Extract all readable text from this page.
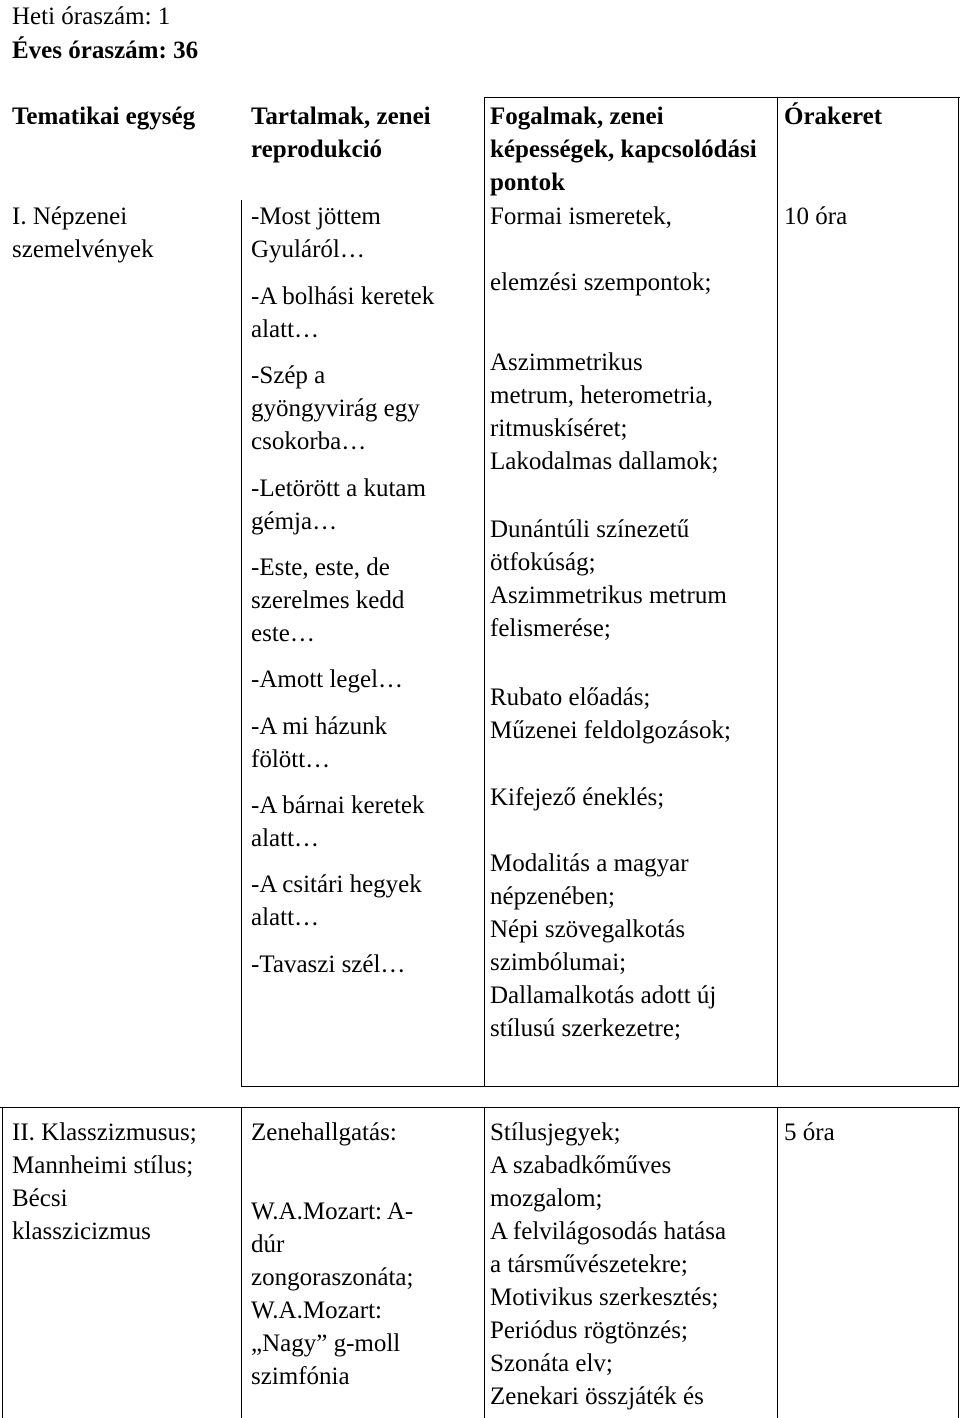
Heti óraszám: 1
Éves óraszám: 36

Tematikai egység	Tartalmak, zenei reprodukció

Fogalmak, zenei képességek, kapcsolódási pontok

Órakeret

I. Népzenei

szemelvények

-Most jöttem

Gyuláról…

-A bolhási keretek

alatt…

-Szép a

gyöngyvirág egy

csokorba…

-Letörött a kutam

gémja…

-Este, este, de

szerelmes kedd

este…

-Amott legel…

-A mi házunk

fölött…

-A bárnai keretek

alatt…

-A csitári hegyek

alatt…

-Tavaszi szél…

Formai ismeretek,

elemzési szempontok;

Aszimmetrikus

metrum, heterometria,

ritmuskíséret;

Lakodalmas dallamok;

Dunántúli színezetű

ötfokúság;

Aszimmetrikus metrum

felismerése;

Rubato előadás;

Műzenei feldolgozások;

Kifejező éneklés;

Modalitás a magyar

népzenében;

Népi szövegalkotás

szimbólumai;

Dallamalkotás adott új

stílusú szerkezetre;

10 óra

II. Klasszizmusus;

Mannheimi stílus;

Bécsi

klasszicizmus

Zenehallgatás:

W.A.Mozart: A-

dúr

zongoraszonáta;

W.A.Mozart:

„Nagy” g-moll

szimfónia

Stílusjegyek;

A szabadkőműves

mozgalom;

A felvilágosodás hatása

a társművészetekre;

Motivikus szerkesztés;

Periódus rögtönzés;

Szonáta elv;

Zenekari összjáték és

5 óra
